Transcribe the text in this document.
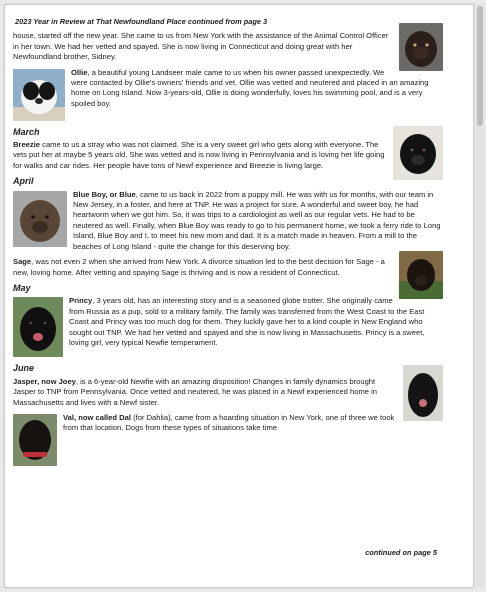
2023 Year in Review at That Newfoundland Place continued from page 3

house, started off the new year. She came to us from New York with the assistance of the Animal Control Officer in her town. We had her vetted and spayed. She is now living in Connecticut and doing great with her Newfoundland brother, Sidney.

Ollie, a beautiful young Landseer male came to us when his owner passed unexpectedly. We were contacted by Ollie's owners' friends and vet. Ollie was vetted and neutered and placed in an amazing home on Long Island. Now 3-years-old, Ollie is doing wonderfully, loves his swimming pool, and is a very spoiled boy.

March

Breezie came to us a stray who was not claimed. She is a very sweet girl who gets along with everyone. The vets put her at maybe 5 years old. She was vetted and is now living in Pennsylvania and is loving her life going for walks and car rides. Her people have tons of Newf experience and Breezie is living large.

April

Blue Boy, or Blue, came to us back in 2022 from a puppy mill. He was with us for months, with our team in New Jersey, in a foster, and here at TNP. He was a project for sure. A wonderful and sweet boy, he had heartworm when we got him. So, it was trips to a cardiologist as well as our regular vets. He had to be neutered as well. Finally, when Blue Boy was ready to go to his permanent home, we took a ferry ride to Long Island, Blue Boy and I, to meet his new mom and dad. It is a match made in heaven. From a mill to the beaches of Long Island - quite the change for this deserving boy.

Sage, was not even 2 when she arrived from New York. A divorce situation led to the best decision for Sage - a new, loving home. After vetting and spaying Sage is thriving and is now a resident of Connecticut.

May

Princy, 3 years old, has an interesting story and is a seasoned globe trotter. She originally came from Russia as a pup, sold to a military family. The family was transferred from the West Coast to the East Coast and Princy was too much dog for them. They luckily gave her to a kind couple in New England who sought out TNP. We had her vetted and spayed and she is now living in Massachusetts. Princy is a sweet, loving girl, very typical Newfie temperament.

June

Jasper, now Joey, is a 6-year-old Newfie with an amazing disposition! Changes in family dynamics brought Jasper to TNP from Pennsylvania. Once vetted and neutered, he was placed in a Newf experienced home in Massachusetts and lives with a Newf sister.

Val, now called Dal (for Dahlia), came from a hoarding situation in New York, one of three we took from that location. Dogs from these types of situations take time

continued on page 5
